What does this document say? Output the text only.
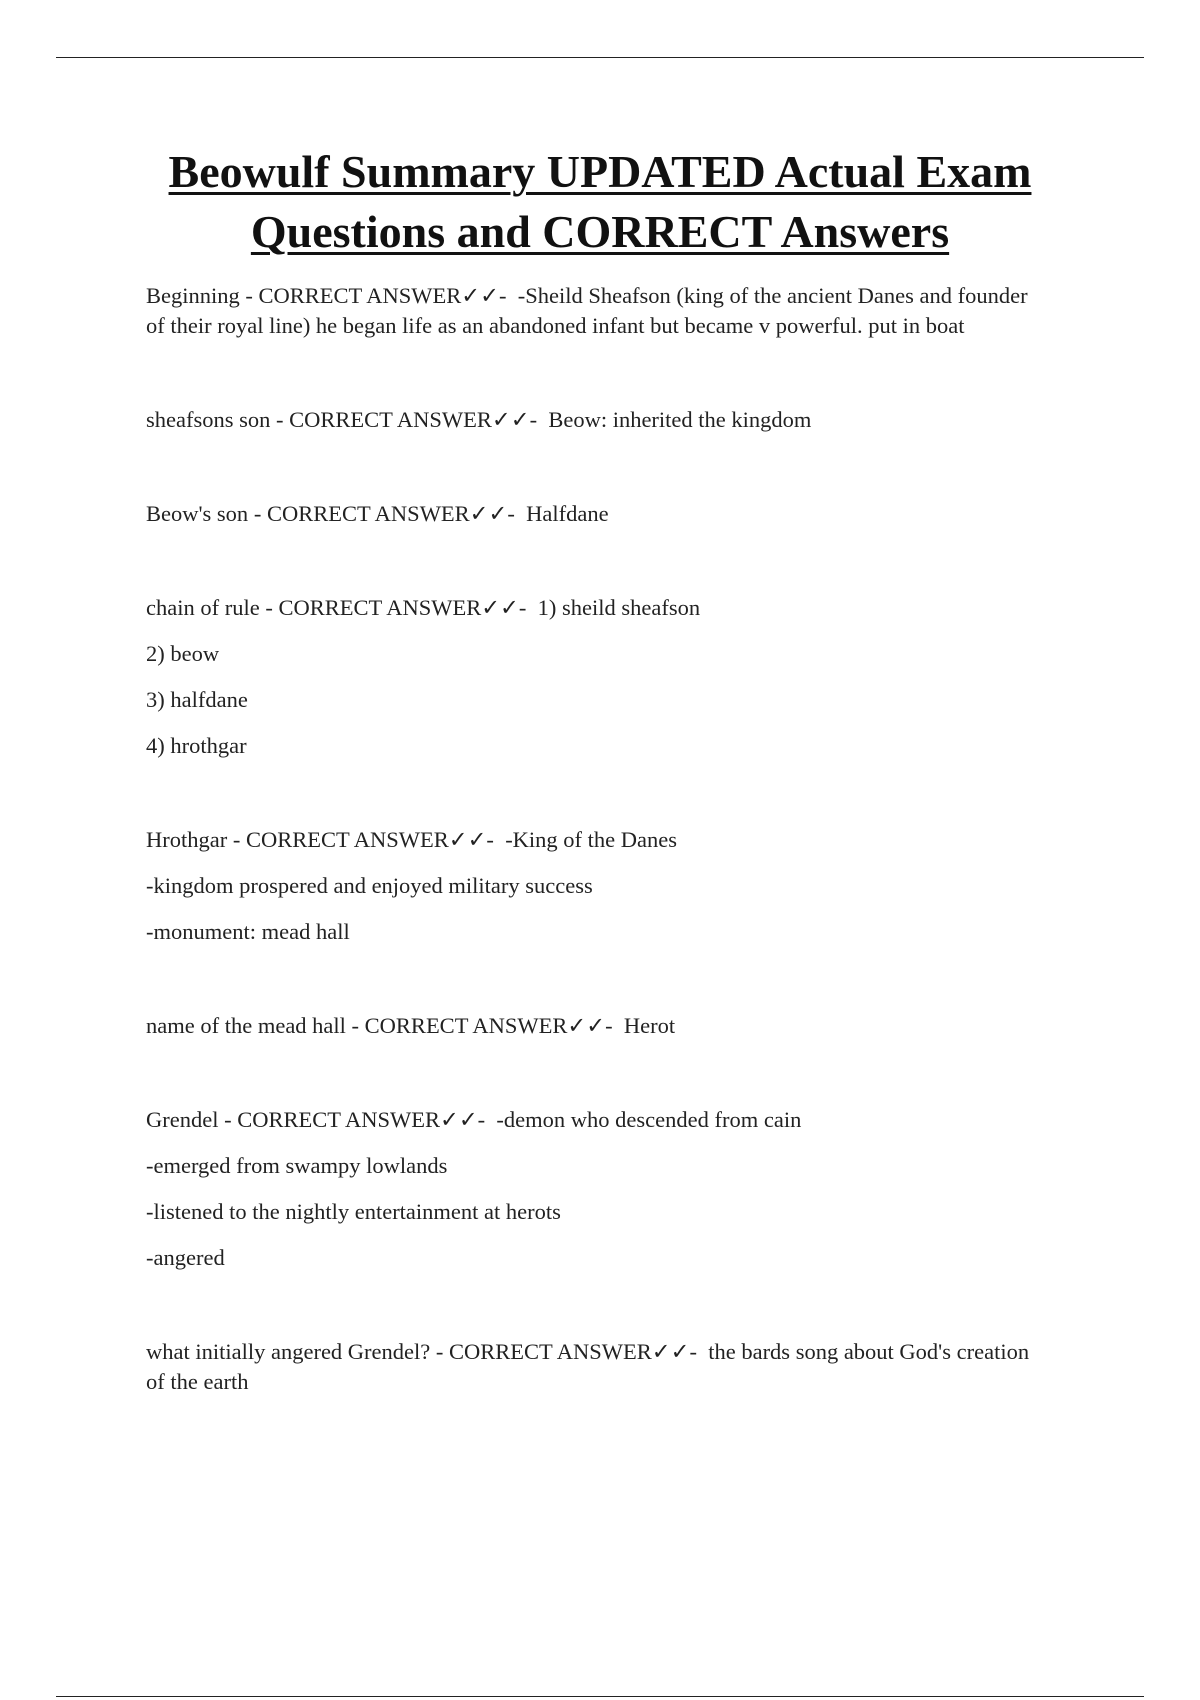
Beowulf Summary UPDATED Actual Exam Questions and CORRECT Answers

Beginning - CORRECT ANSWER✓✓- -Sheild Sheafson (king of the ancient Danes and founder of their royal line) he began life as an abandoned infant but became v powerful. put in boat

sheafsons son - CORRECT ANSWER✓✓- Beow: inherited the kingdom

Beow's son - CORRECT ANSWER✓✓- Halfdane

chain of rule - CORRECT ANSWER✓✓- 1) sheild sheafson

2) beow

3) halfdane

4) hrothgar

Hrothgar - CORRECT ANSWER✓✓- -King of the Danes

-kingdom prospered and enjoyed military success

-monument: mead hall

name of the mead hall - CORRECT ANSWER✓✓- Herot

Grendel - CORRECT ANSWER✓✓- -demon who descended from cain

-emerged from swampy lowlands

-listened to the nightly entertainment at herots

-angered

what initially angered Grendel? - CORRECT ANSWER✓✓- the bards song about God's creation of the earth
